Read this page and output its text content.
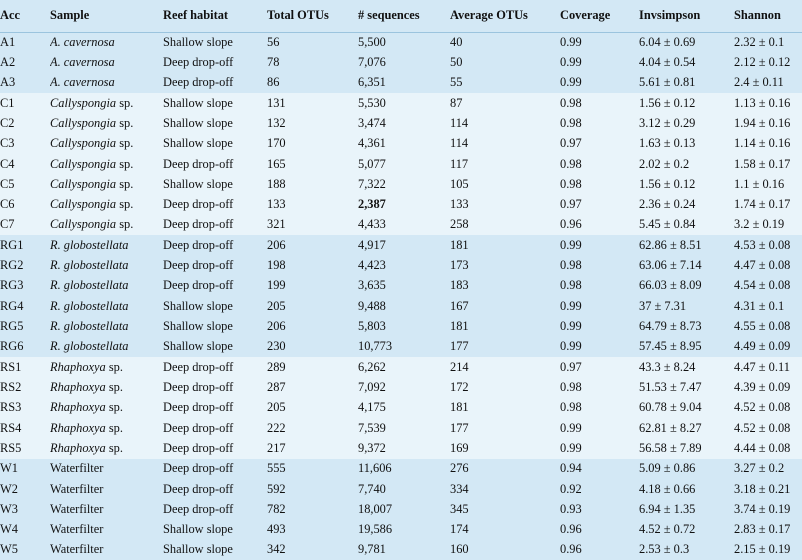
Acc	Sample	Reef habitat	Total OTUs	# sequences	Average OTUs	Coverage	Invsimpson	Shannon
A1	A. cavernosa	Shallow slope	56	5,500	40	0.99	6.04 ± 0.69	2.32 ± 0.1
A2	A. cavernosa	Deep drop-off	78	7,076	50	0.99	4.04 ± 0.54	2.12 ± 0.12
A3	A. cavernosa	Deep drop-off	86	6,351	55	0.99	5.61 ± 0.81	2.4 ± 0.11
C1	Callyspongia sp.	Shallow slope	131	5,530	87	0.98	1.56 ± 0.12	1.13 ± 0.16
C2	Callyspongia sp.	Shallow slope	132	3,474	114	0.98	3.12 ± 0.29	1.94 ± 0.16
C3	Callyspongia sp.	Shallow slope	170	4,361	114	0.97	1.63 ± 0.13	1.14 ± 0.16
C4	Callyspongia sp.	Deep drop-off	165	5,077	117	0.98	2.02 ± 0.2	1.58 ± 0.17
C5	Callyspongia sp.	Shallow slope	188	7,322	105	0.98	1.56 ± 0.12	1.1 ± 0.16
C6	Callyspongia sp.	Deep drop-off	133	2,387	133	0.97	2.36 ± 0.24	1.74 ± 0.17
C7	Callyspongia sp.	Deep drop-off	321	4,433	258	0.96	5.45 ± 0.84	3.2 ± 0.19
RG1	R. globostellata	Deep drop-off	206	4,917	181	0.99	62.86 ± 8.51	4.53 ± 0.08
RG2	R. globostellata	Deep drop-off	198	4,423	173	0.98	63.06 ± 7.14	4.47 ± 0.08
RG3	R. globostellata	Deep drop-off	199	3,635	183	0.98	66.03 ± 8.09	4.54 ± 0.08
RG4	R. globostellata	Shallow slope	205	9,488	167	0.99	37 ± 7.31	4.31 ± 0.1
RG5	R. globostellata	Shallow slope	206	5,803	181	0.99	64.79 ± 8.73	4.55 ± 0.08
RG6	R. globostellata	Shallow slope	230	10,773	177	0.99	57.45 ± 8.95	4.49 ± 0.09
RS1	Rhaphoxya sp.	Deep drop-off	289	6,262	214	0.97	43.3 ± 8.24	4.47 ± 0.11
RS2	Rhaphoxya sp.	Deep drop-off	287	7,092	172	0.98	51.53 ± 7.47	4.39 ± 0.09
RS3	Rhaphoxya sp.	Deep drop-off	205	4,175	181	0.98	60.78 ± 9.04	4.52 ± 0.08
RS4	Rhaphoxya sp.	Deep drop-off	222	7,539	177	0.99	62.81 ± 8.27	4.52 ± 0.08
RS5	Rhaphoxya sp.	Deep drop-off	217	9,372	169	0.99	56.58 ± 7.89	4.44 ± 0.08
W1	Waterfilter	Deep drop-off	555	11,606	276	0.94	5.09 ± 0.86	3.27 ± 0.2
W2	Waterfilter	Deep drop-off	592	7,740	334	0.92	4.18 ± 0.66	3.18 ± 0.21
W3	Waterfilter	Deep drop-off	782	18,007	345	0.93	6.94 ± 1.35	3.74 ± 0.19
W4	Waterfilter	Shallow slope	493	19,586	174	0.96	4.52 ± 0.72	2.83 ± 0.17
W5	Waterfilter	Shallow slope	342	9,781	160	0.96	2.53 ± 0.3	2.15 ± 0.19
